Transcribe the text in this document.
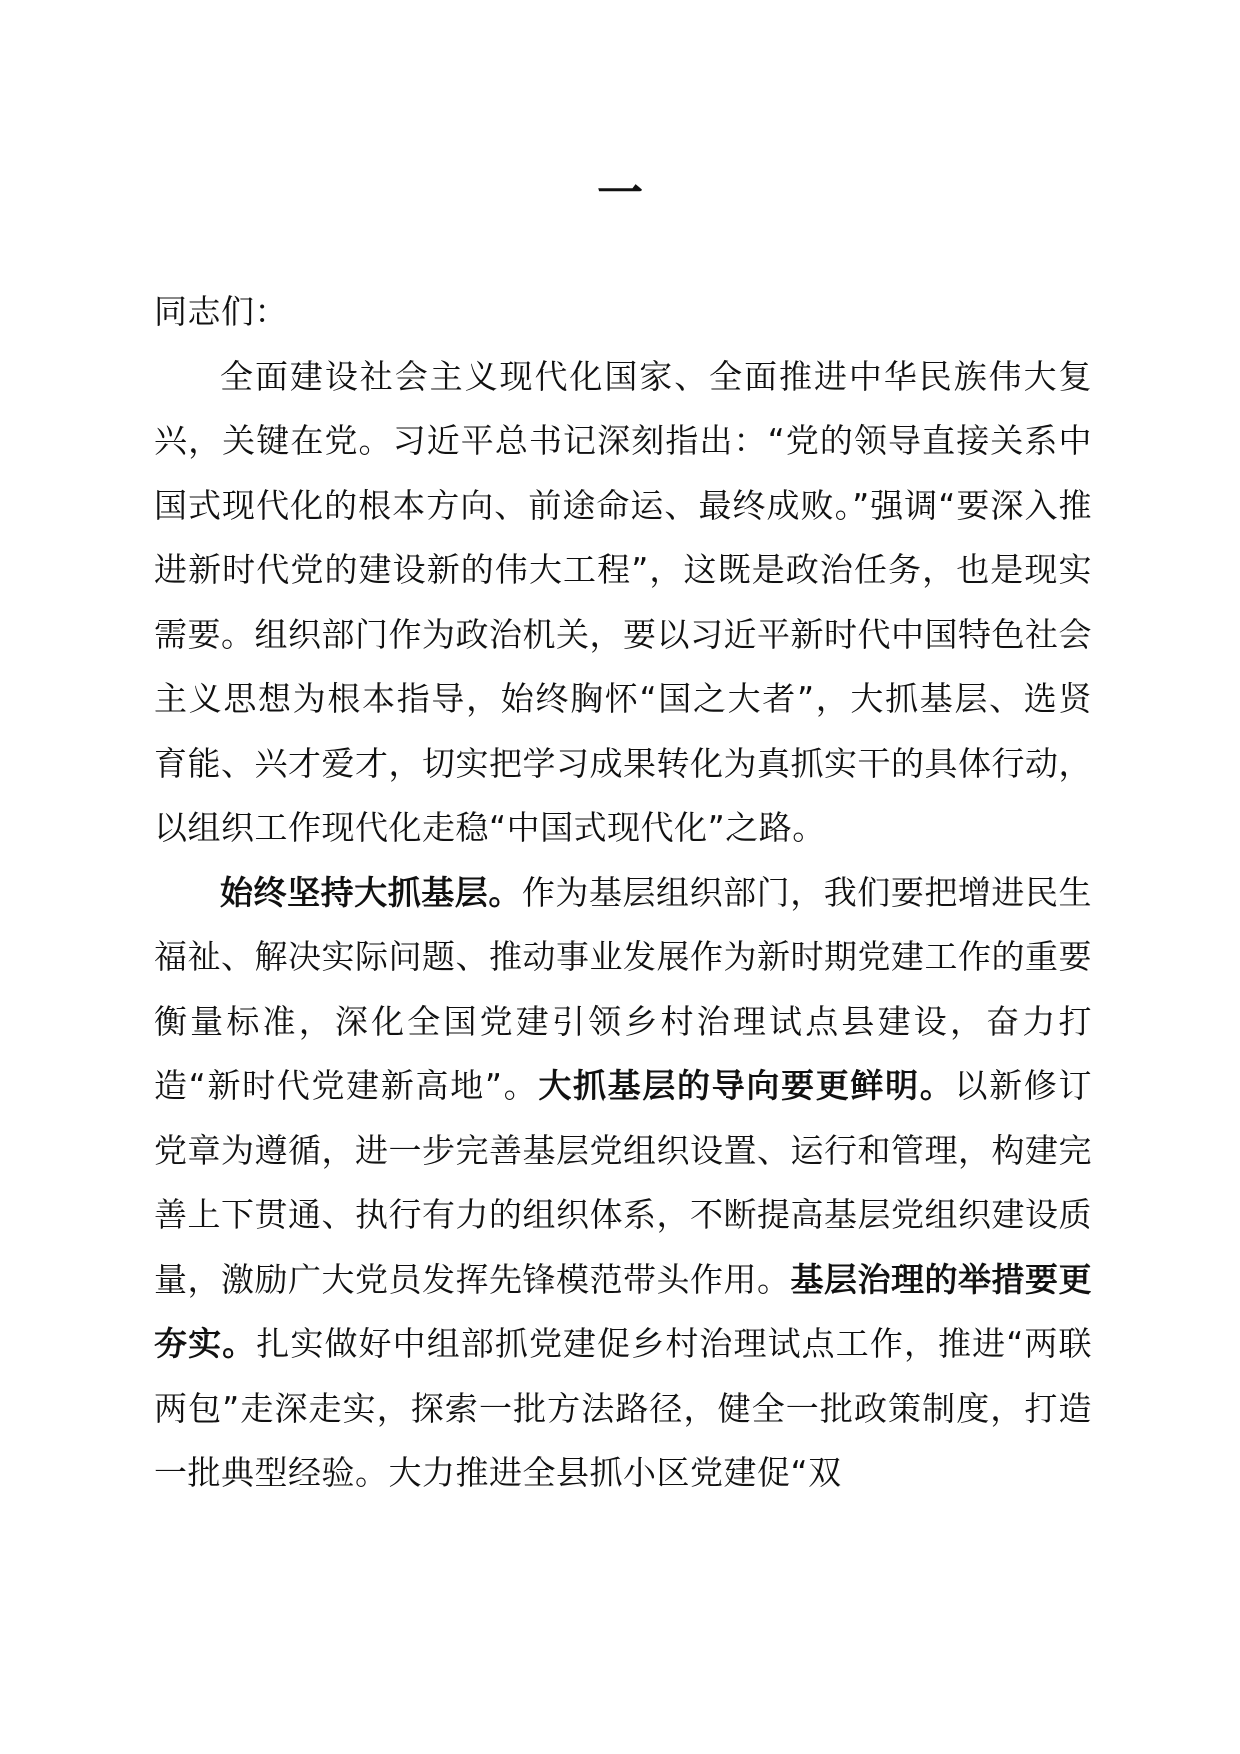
一

同志们：

全面建设社会主义现代化国家、全面推进中华民族伟大复兴，关键在党。习近平总书记深刻指出：“党的领导直接关系中国式现代化的根本方向、前途命运、最终成败。”强调“要深入推进新时代党的建设新的伟大工程”，这既是政治任务，也是现实需要。组织部门作为政治机关，要以习近平新时代中国特色社会主义思想为根本指导，始终胸怀“国之大者”，大抓基层、选贤育能、兴才爱才，切实把学习成果转化为真抓实干的具体行动，以组织工作现代化走稳“中国式现代化”之路。

始终坚持大抓基层。作为基层组织部门，我们要把增进民生福祉、解决实际问题、推动事业发展作为新时期党建工作的重要衡量标准，深化全国党建引领乡村治理试点县建设，奋力打造“新时代党建新高地”。大抓基层的导向要更鲜明。以新修订党章为遵循，进一步完善基层党组织设置、运行和管理，构建完善上下贯通、执行有力的组织体系，不断提高基层党组织建设质量，激励广大党员发挥先锋模范带头作用。基层治理的举措要更夯实。扎实做好中组部抓党建促乡村治理试点工作，推进“两联两包”走深走实，探索一批方法路径，健全一批政策制度，打造一批典型经验。大力推进全县抓小区党建促“双
